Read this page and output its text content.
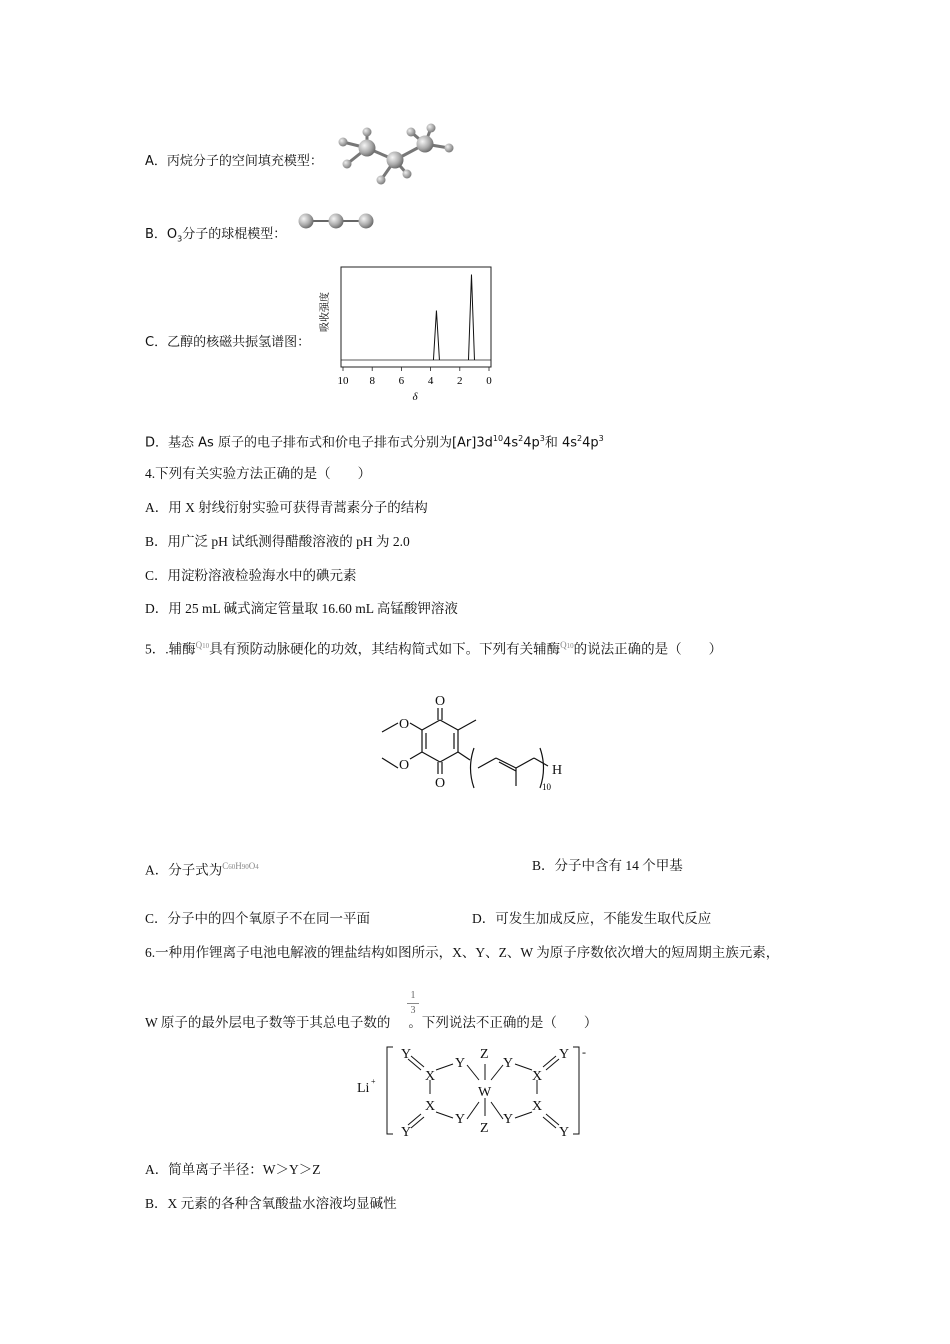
A．丙烷分子的空间填充模型：
B．$O_3$分子的球棍模型：
C．乙醇的核磁共振氢谱图：
吸收强度
10 8 6 4 2 0
δ
D．基态 As 原子的电子排布式和价电子排布式分别为$[Ar]3d^{10}4s^24p^3$和 $4s^24p^3$
4.下列有关实验方法正确的是（　　）
A．用 X 射线衍射实验可获得青蒿素分子的结构
B．用广泛 pH 试纸测得醋酸溶液的 pH 为 2.0
C．用淀粉溶液检验海水中的碘元素
D．用 25 mL 碱式滴定管量取 16.60 mL 高锰酸钾溶液
5．.辅酶$^{Q10}$具有预防动脉硬化的功效，其结构简式如下。下列有关辅酶$^{Q10}$的说法正确的是（　　）
O
O
O
O	H
10
A．分子式为$^{C60H90O4}$	B．分子中含有 14 个甲基
C．分子中的四个氧原子不在同一平面	D．可发生加成反应，不能发生取代反应
6.一种用作锂离子电池电解液的锂盐结构如图所示，X、Y、Z、W 为原子序数依次增大的短周期主族元素，
W 原子的最外层电子数等于其总电子数的 。下列说法不正确的是（　　）
1
3
Li +
Y
X
Y
Z
W
Y
X
Y -
X
Y
Z
Y
X
Y	Y
A．简单离子半径：W＞Y＞Z
B．X 元素的各种含氧酸盐水溶液均显碱性
